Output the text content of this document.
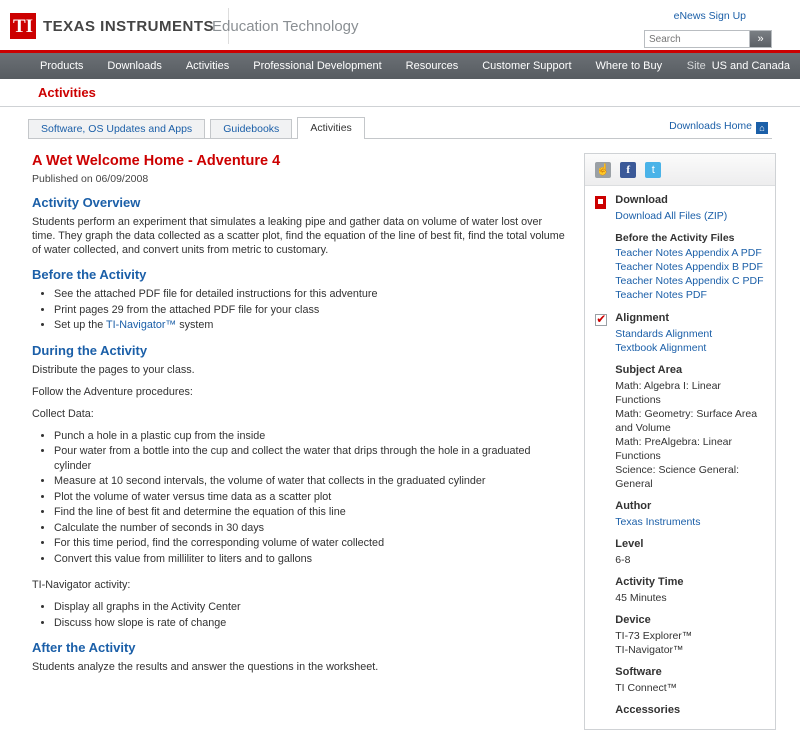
TI TEXAS INSTRUMENTS
Education Technology
eNews Sign Up
Search
»
Products	Downloads	Activities	Professional Development	Resources	Customer Support	Where to Buy	Site US and Canada
Activities
Software, OS Updates and Apps	Guidebooks	Activities	Downloads Home ⌂
A Wet Welcome Home - Adventure 4
Published on 06/09/2008
Activity Overview

Students perform an experiment that simulates a leaking pipe and gather data on volume of water lost over time. They graph the data collected as a scatter plot, find the equation of the line of best fit, find the total volume of water collected, and convert units from metric to customary.

Before the Activity
• See the attached PDF file for detailed instructions for this adventure
• Print pages 29 from the attached PDF file for your class
• Set up the TI-Navigator™ system
During the Activity

Distribute the pages to your class.

Follow the Adventure procedures:

Collect Data:

• Punch a hole in a plastic cup from the inside
• Pour water from a bottle into the cup and collect the water that drips through the hole in a graduated cylinder
• Measure at 10 second intervals, the volume of water that collects in the graduated cylinder
• Plot the volume of water versus time data as a scatter plot
• Find the line of best fit and determine the equation of this line
• Calculate the number of seconds in 30 days
• For this time period, find the corresponding volume of water collected
• Convert this value from milliliter to liters and to gallons

TI-Navigator activity:

• Display all graphs in the Activity Center
• Discuss how slope is rate of change
After the Activity

Students analyze the results and answer the questions in the worksheet.

☝	f	t
Download
Download All Files (ZIP)
Before the Activity Files
Teacher Notes Appendix A PDF
Teacher Notes Appendix B PDF
Teacher Notes Appendix C PDF
Teacher Notes PDF
✔
Alignment
Standards Alignment
Textbook Alignment
Subject Area
Math: Algebra I: Linear Functions
Math: Geometry: Surface Area and Volume
Math: PreAlgebra: Linear Functions
Science: Science General: General
Author
Texas Instruments
Level
6-8
Activity Time
45 Minutes
Device
TI-73 Explorer™
TI-Navigator™
Software
TI Connect™
Accessories
